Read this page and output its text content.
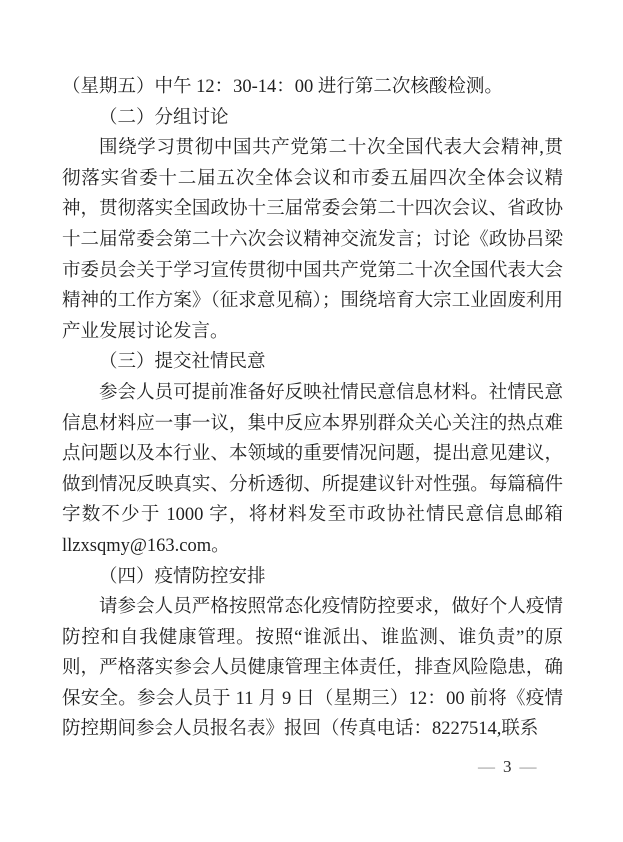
（星期五）中午 12：30-14：00 进行第二次核酸检测。

（二）分组讨论

围绕学习贯彻中国共产党第二十次全国代表大会精神,贯彻落实省委十二届五次全体会议和市委五届四次全体会议精神，贯彻落实全国政协十三届常委会第二十四次会议、省政协十二届常委会第二十六次会议精神交流发言；讨论《政协吕梁市委员会关于学习宣传贯彻中国共产党第二十次全国代表大会精神的工作方案》（征求意见稿）；围绕培育大宗工业固废利用产业发展讨论发言。

（三）提交社情民意

参会人员可提前准备好反映社情民意信息材料。社情民意信息材料应一事一议，集中反应本界别群众关心关注的热点难点问题以及本行业、本领域的重要情况问题，提出意见建议，做到情况反映真实、分析透彻、所提建议针对性强。每篇稿件字数不少于 1000 字，将材料发至市政协社情民意信息邮箱llzxsqmy@163.com。

（四）疫情防控安排

请参会人员严格按照常态化疫情防控要求，做好个人疫情防控和自我健康管理。按照“谁派出、谁监测、谁负责”的原则，严格落实参会人员健康管理主体责任，排查风险隐患，确保安全。参会人员于 11 月 9 日（星期三）12：00 前将《疫情防控期间参会人员报名表》报回（传真电话：8227514,联系

— 3 —
